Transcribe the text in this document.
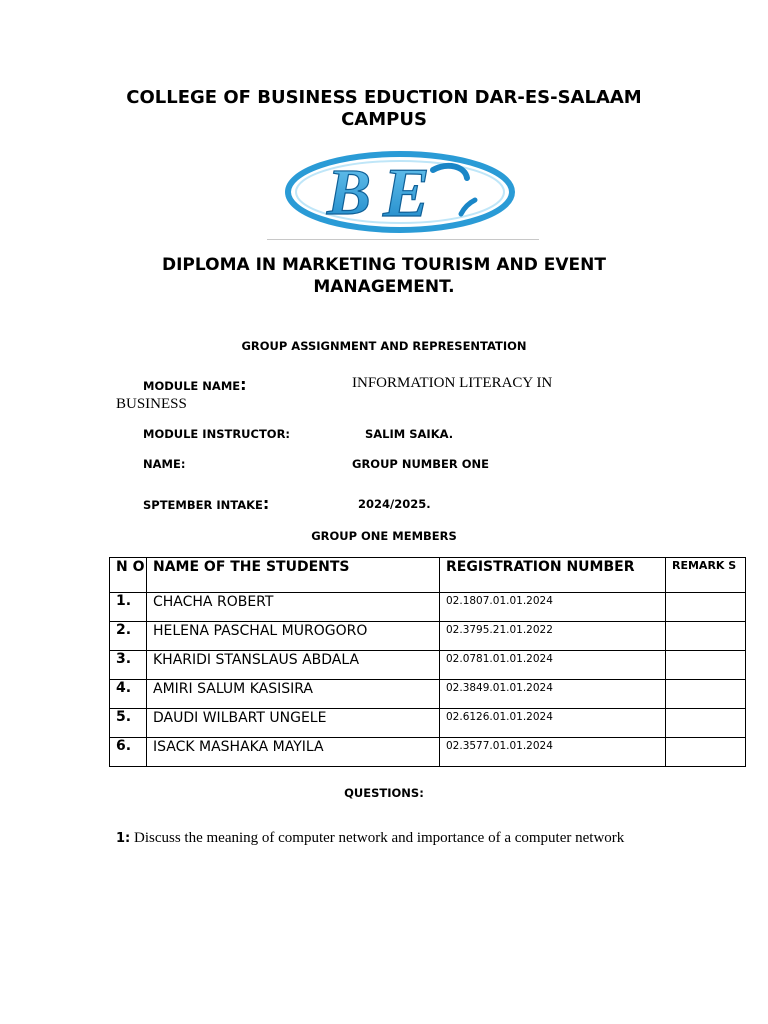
COLLEGE OF BUSINESS EDUCTION DAR-ES-SALAAM
CAMPUS
B E
DIPLOMA IN MARKETING TOURISM AND EVENT
MANAGEMENT.
GROUP ASSIGNMENT AND REPRESENTATION
MODULE NAME:	INFORMATION LITERACY IN
BUSINESS
MODULE INSTRUCTOR:	SALIM SAIKA.
NAME:	GROUP NUMBER ONE
SPTEMBER INTAKE:	2024/2025.
GROUP ONE MEMBERS
N O	NAME OF THE STUDENTS	REGISTRATION NUMBER	REMARK S
1.	CHACHA ROBERT	02.1807.01.01.2024	
2.	HELENA PASCHAL MUROGORO	02.3795.21.01.2022	
3.	KHARIDI STANSLAUS ABDALA	02.0781.01.01.2024	
4.	AMIRI SALUM KASISIRA	02.3849.01.01.2024	
5.	DAUDI WILBART UNGELE	02.6126.01.01.2024	
6.	ISACK MASHAKA MAYILA	02.3577.01.01.2024	
QUESTIONS:
1: Discuss the meaning of computer network and importance of a computer network
